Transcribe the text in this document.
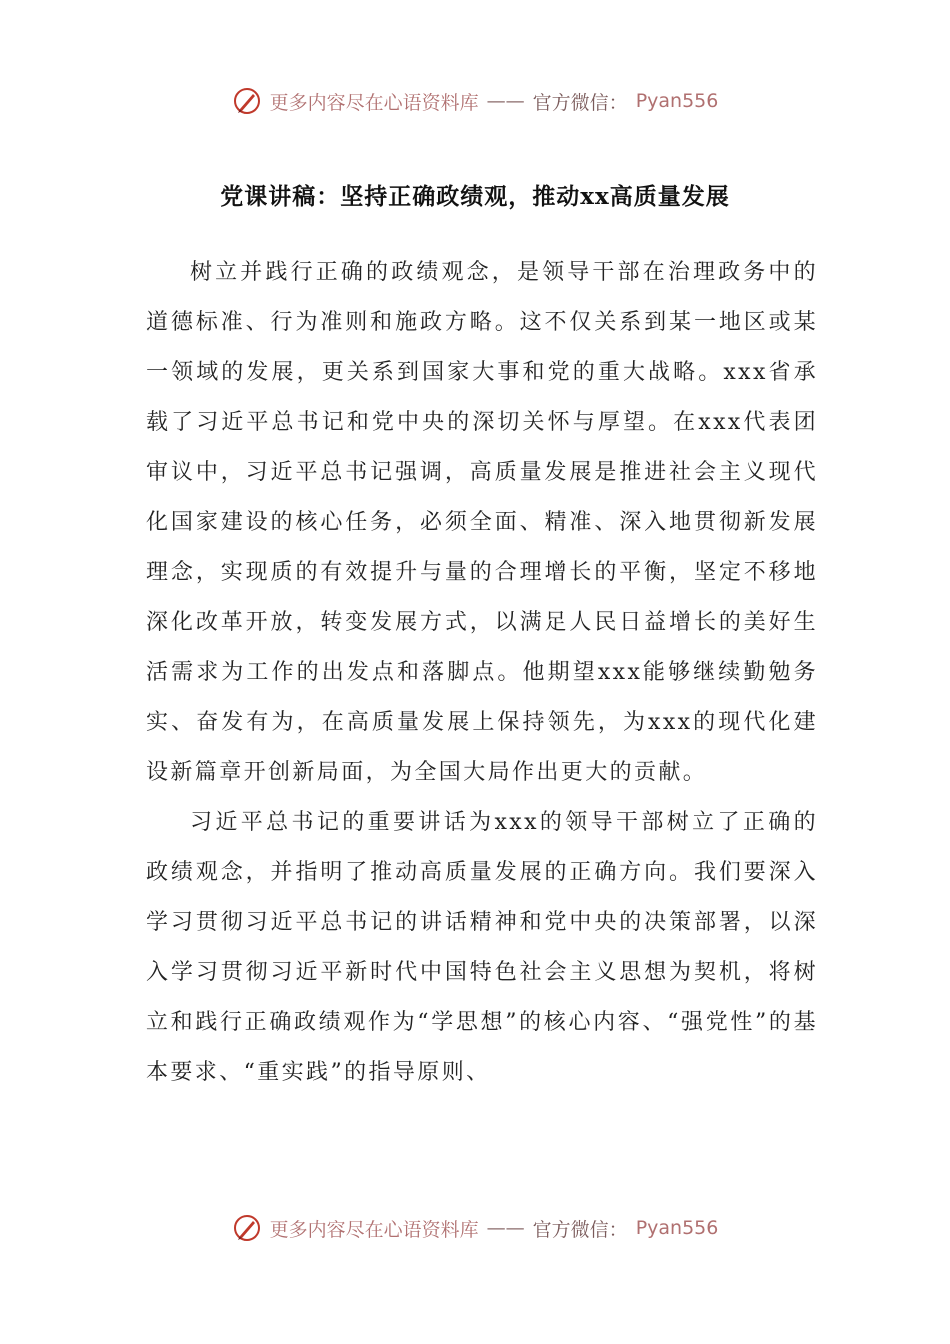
更多内容尽在心语资料库 —— 官方微信： Pyan556
党课讲稿：坚持正确政绩观，推动xx高质量发展

树立并践行正确的政绩观念，是领导干部在治理政务中的道德标准、行为准则和施政方略。这不仅关系到某一地区或某一领域的发展，更关系到国家大事和党的重大战略。xxx省承载了习近平总书记和党中央的深切关怀与厚望。在xxx代表团审议中，习近平总书记强调，高质量发展是推进社会主义现代化国家建设的核心任务，必须全面、精准、深入地贯彻新发展理念，实现质的有效提升与量的合理增长的平衡，坚定不移地深化改革开放，转变发展方式，以满足人民日益增长的美好生活需求为工作的出发点和落脚点。他期望xxx能够继续勤勉务实、奋发有为，在高质量发展上保持领先，为xxx的现代化建设新篇章开创新局面，为全国大局作出更大的贡献。

习近平总书记的重要讲话为xxx的领导干部树立了正确的政绩观念，并指明了推动高质量发展的正确方向。我们要深入学习贯彻习近平总书记的讲话精神和党中央的决策部署，以深入学习贯彻习近平新时代中国特色社会主义思想为契机，将树立和践行正确政绩观作为“学思想”的核心内容、“强党性”的基本要求、“重实践”的指导原则、

更多内容尽在心语资料库 —— 官方微信： Pyan556
